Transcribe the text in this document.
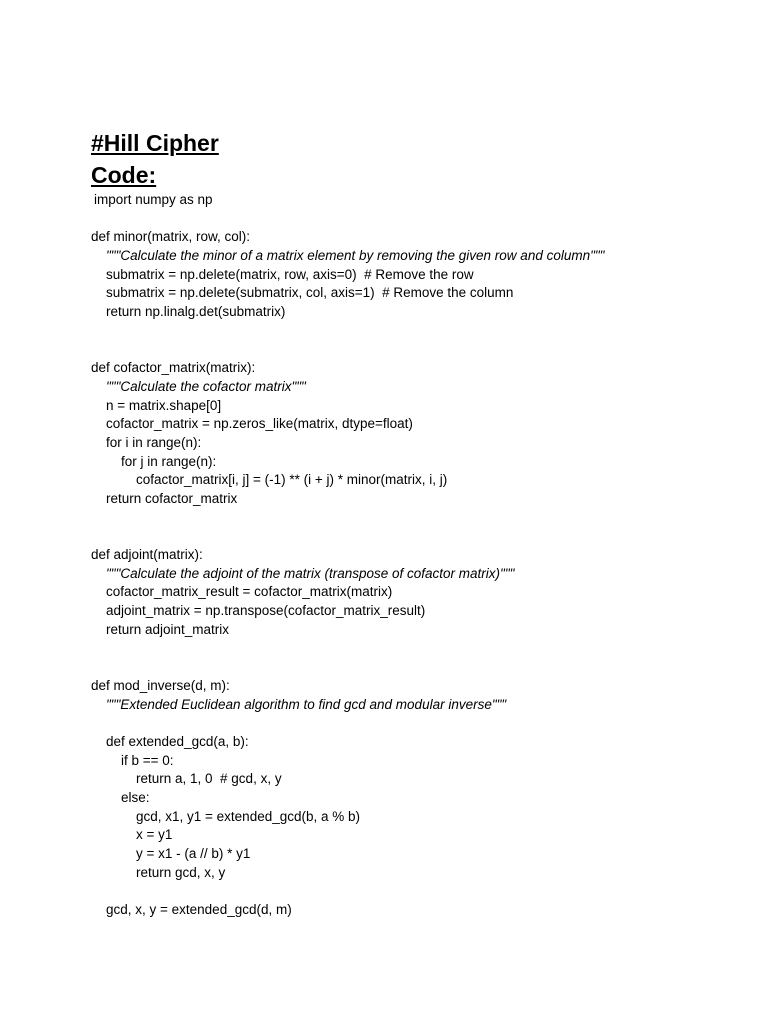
#Hill Cipher
Code:
import numpy as np
def minor(matrix, row, col):
"""Calculate the minor of a matrix element by removing the given row and column"""
submatrix = np.delete(matrix, row, axis=0)  # Remove the row
submatrix = np.delete(submatrix, col, axis=1)  # Remove the column
return np.linalg.det(submatrix)
def cofactor_matrix(matrix):
"""Calculate the cofactor matrix"""
n = matrix.shape[0]
cofactor_matrix = np.zeros_like(matrix, dtype=float)
for i in range(n):
for j in range(n):
cofactor_matrix[i, j] = (-1) ** (i + j) * minor(matrix, i, j)
return cofactor_matrix
def adjoint(matrix):
"""Calculate the adjoint of the matrix (transpose of cofactor matrix)"""
cofactor_matrix_result = cofactor_matrix(matrix)
adjoint_matrix = np.transpose(cofactor_matrix_result)
return adjoint_matrix
def mod_inverse(d, m):
"""Extended Euclidean algorithm to find gcd and modular inverse"""
def extended_gcd(a, b):
if b == 0:
return a, 1, 0  # gcd, x, y
else:
gcd, x1, y1 = extended_gcd(b, a % b)
x = y1
y = x1 - (a // b) * y1
return gcd, x, y
gcd, x, y = extended_gcd(d, m)
